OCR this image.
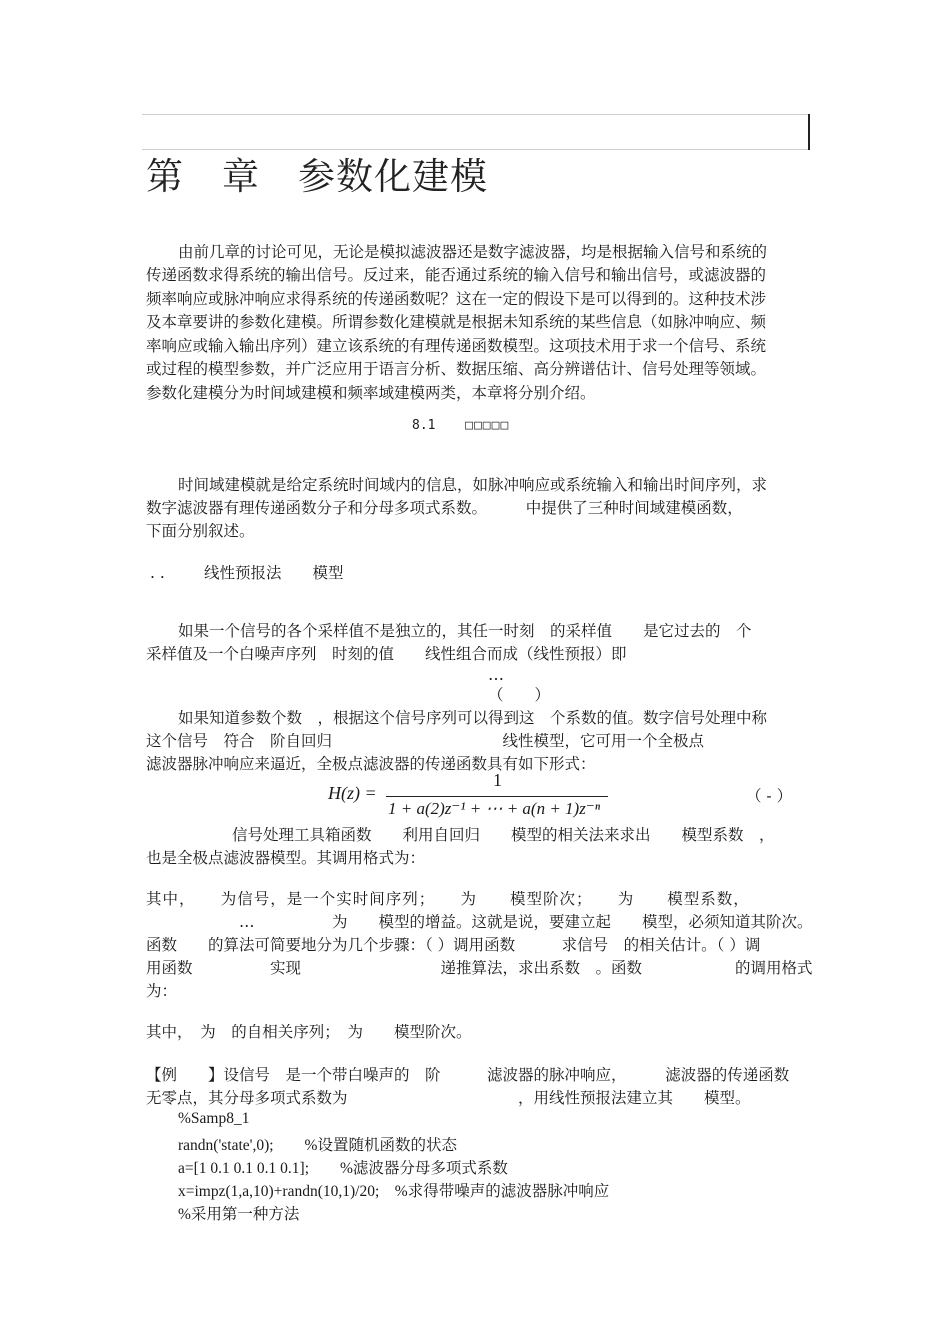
第　章　参数化建模
由前几章的讨论可见，无论是模拟滤波器还是数字滤波器，均是根据输入信号和系统的
传递函数求得系统的输出信号。反过来，能否通过系统的输入信号和输出信号，或滤波器的
频率响应或脉冲响应求得系统的传递函数呢？这在一定的假设下是可以得到的。这种技术涉
及本章要讲的参数化建模。所谓参数化建模就是根据未知系统的某些信息（如脉冲响应、频
率响应或输入输出序列）建立该系统的有理传递函数模型。这项技术用于求一个信号、系统
或过程的模型参数，并广泛应用于语言分析、数据压缩、高分辨谱估计、信号处理等领域。
参数化建模分为时间域建模和频率域建模两类，本章将分别介绍。
8.1 □□□□□
时间域建模就是给定系统时间域内的信息，如脉冲响应或系统输入和输出时间序列，求
数字滤波器有理传递函数分子和分母多项式系数。　　　中提供了三种时间域建模函数，
下面分别叙述。
. .	线性预报法　　模型
如果一个信号的各个采样值不是独立的，其任一时刻　的采样值　　是它过去的　个
采样值及一个白噪声序列　时刻的值　　线性组合而成（线性预报）即
…
（　　）
如果知道参数个数　，根据这个信号序列可以得到这　个系数的值。数字信号处理中称
这个信号　符合　阶自回归　　　　　　　　　　　线性模型，它可用一个全极点
滤波器脉冲响应来逼近，全极点滤波器的传递函数具有如下形式：
H(z) =
1
1 + a(2)z⁻¹ + ⋯ + a(n + 1)z⁻ⁿ
（ - ）
信号处理工具箱函数　　利用自回归　　模型的相关法来求出　　模型系数　，
也是全极点滤波器模型。其调用格式为：
其中，　　为信号，是一个实时间序列；　　为　　模型阶次；　　为　　模型系数，
　　　　　　…　　　　　为　　模型的增益。这就是说，要建立起　　模型，必须知道其阶次。
函数　　的算法可简要地分为几个步骤：（ ）调用函数　　　求信号　的相关估计。（ ）调
用函数　　　　　实现　　　　　　　　　递推算法，求出系数　。函数　　　　　　的调用格式
为：
其中，　为　的自相关序列；　为　　模型阶次。
【例　　】设信号　是一个带白噪声的　阶　　　滤波器的脉冲响应，　　　滤波器的传递函数
无零点，其分母多项式系数为　　　　　　　　　　　，用线性预报法建立其　　模型。
%Samp8_1
randn('state',0);　　%设置随机函数的状态
a=[1 0.1 0.1 0.1 0.1];　　%滤波器分母多项式系数
x=impz(1,a,10)+randn(10,1)/20;　%求得带噪声的滤波器脉冲响应
%采用第一种方法
